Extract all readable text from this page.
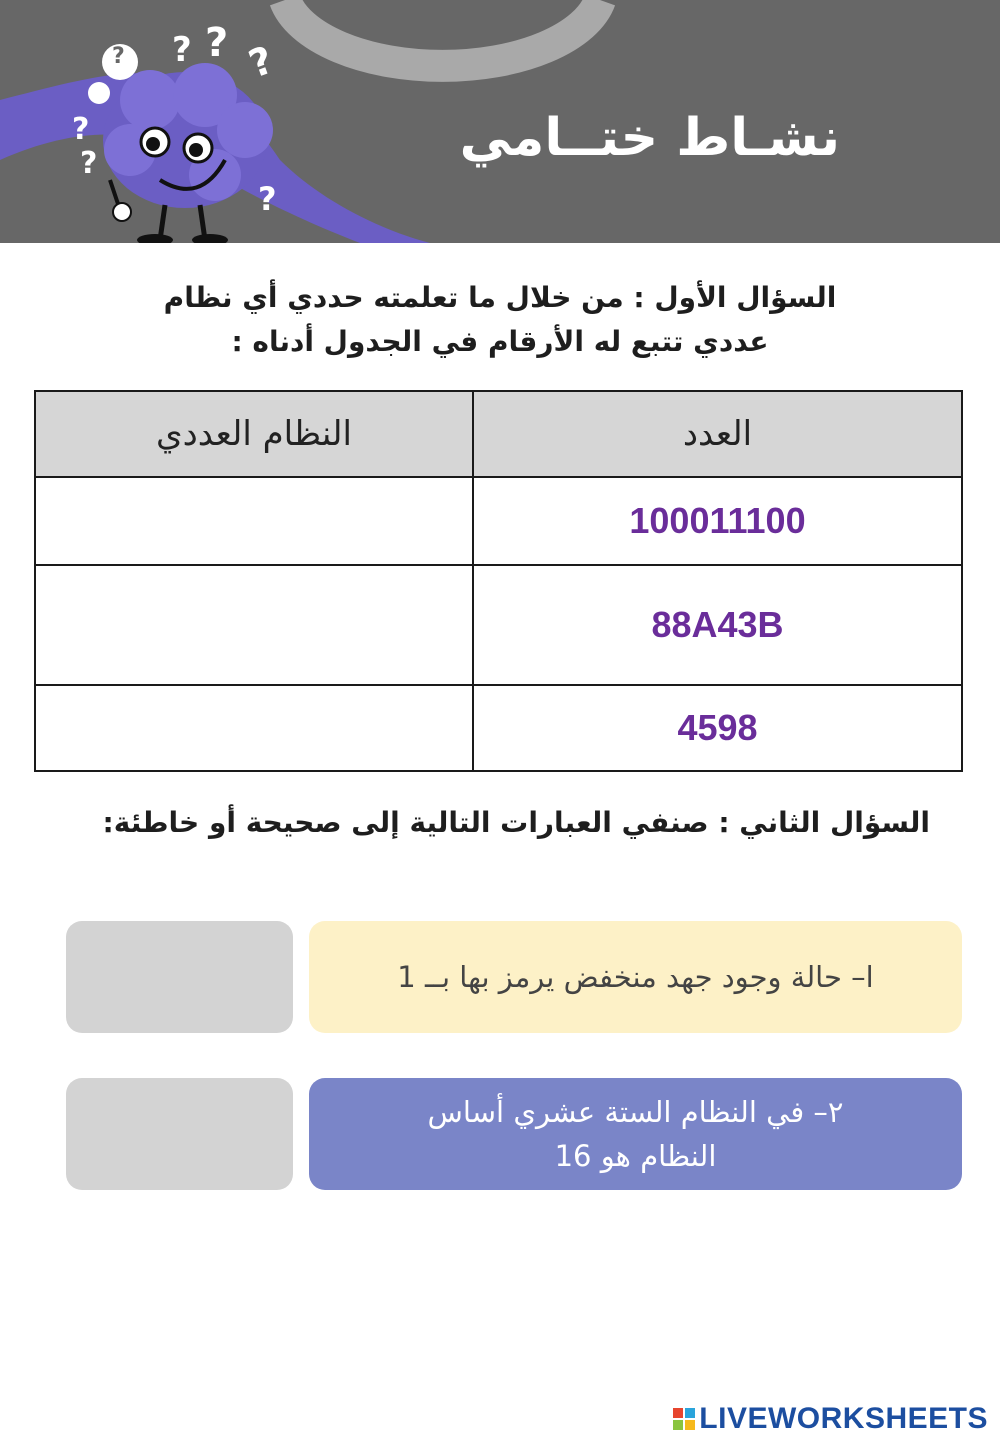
? ? ?
?
?
?
?
نشـاط ختــامي
السؤال الأول : من خلال ما تعلمته حددي أي نظام
عددي تتبع له الأرقام في الجدول أدناه :
العدد	النظام العددي
100011100	
88A43B	
4598	
السؤال الثاني : صنفي العبارات التالية إلى صحيحة أو خاطئة:
ا– حالة وجود جهد منخفض يرمز بها بــ 1
٢– في النظام الستة عشري أساس
النظام هو 16
LIVEWORKSHEETS
